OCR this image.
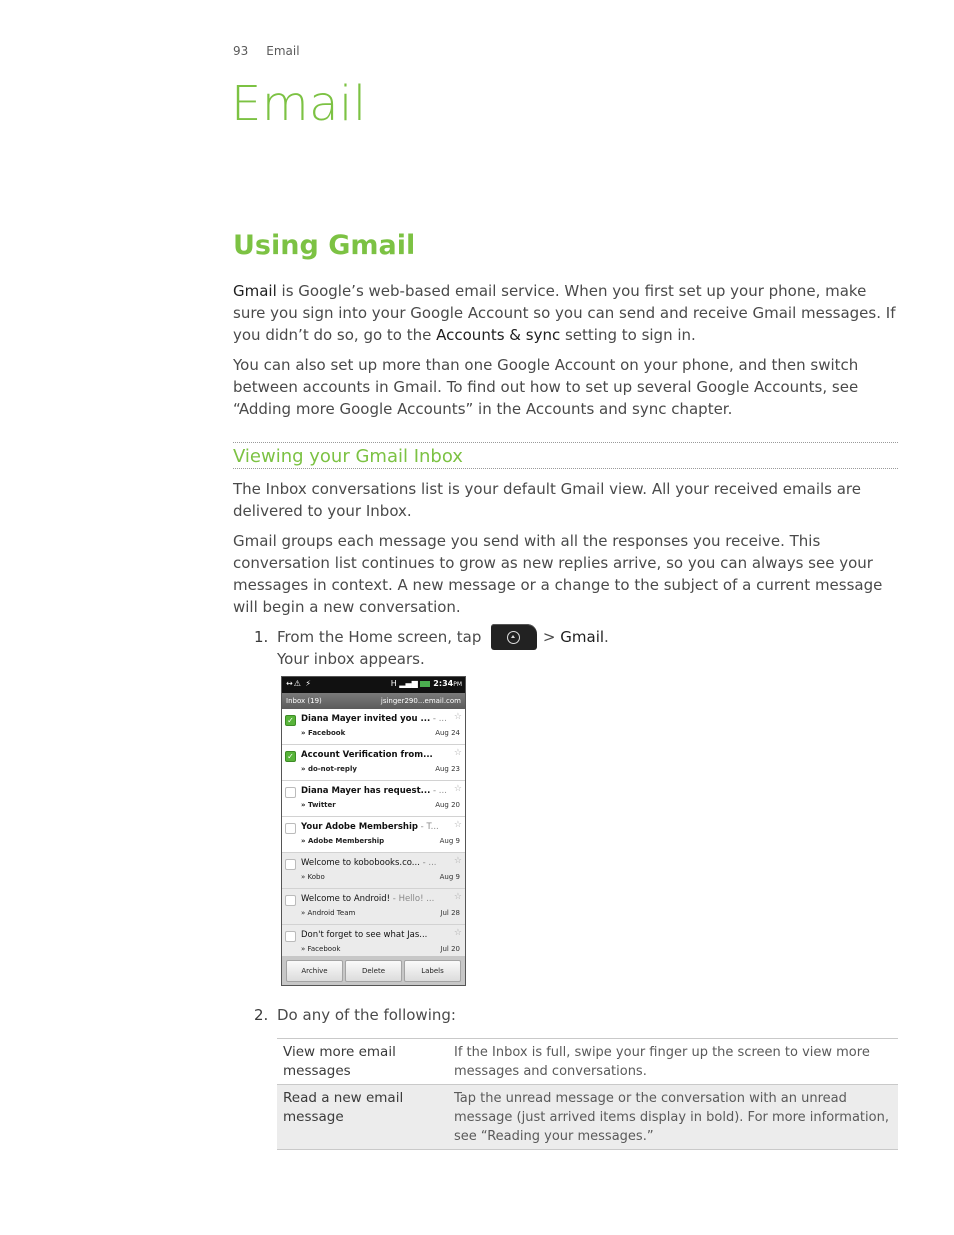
93 Email
Email
Using Gmail

Gmail is Google’s web-based email service. When you first set up your phone, make sure you sign into your Google Account so you can send and receive Gmail messages. If you didn’t do so, go to the Accounts & sync setting to sign in.

You can also set up more than one Google Account on your phone, and then switch between accounts in Gmail. To find out how to set up several Google Accounts, see “Adding more Google Accounts” in the Accounts and sync chapter.

Viewing your Gmail Inbox

The Inbox conversations list is your default Gmail view. All your received emails are delivered to your Inbox.

Gmail groups each message you send with all the responses you receive. This conversation list continues to grow as new replies arrive, so you can always see your messages in context. A new message or a change to the subject of a current message will begin a new conversation.

1. From the Home screen, tap	> Gmail.
Your inbox appears.
↔⚠ ⚡	H ▂▄▆ 2:34PM
Inbox (19)	jsinger290...email.com
✓ Diana Mayer invited you ... - ... ☆
» Facebook	Aug 24
✓ Account Verification from...	☆
» do-not-reply	Aug 23
Diana Mayer has request... - ... ☆
» Twitter	Aug 20
Your Adobe Membership - T...	☆
» Adobe Membership	Aug 9
Welcome to kobobooks.co... - ...	☆
» Kobo	Aug 9
Welcome to Android! - Hello! ...	☆
» Android Team	Jul 28
Don't forget to see what Jas...	☆
» Facebook	Jul 20
Archive	Delete	Labels
2. Do any of the following:
View more email messages	If the Inbox is full, swipe your finger up the screen to view more messages and conversations.
Read a new email message	Tap the unread message or the conversation with an unread message (just arrived items display in bold). For more information, see “Reading your messages.”
